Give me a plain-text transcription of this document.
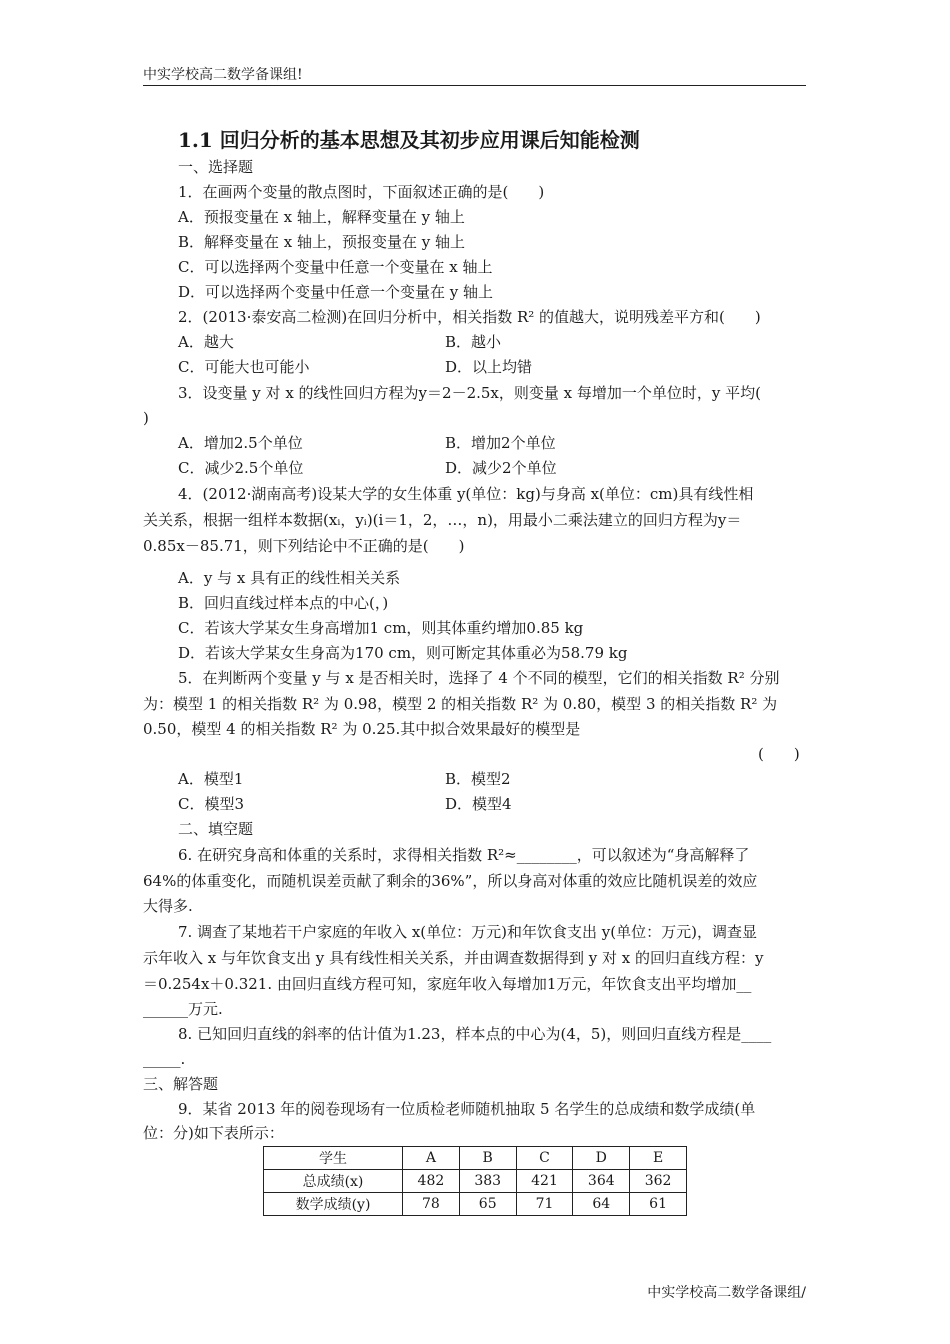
中实学校高二数学备课组!
1.1 回归分析的基本思想及其初步应用课后知能检测
一、选择题
1．在画两个变量的散点图时，下面叙述正确的是(　　)
A．预报变量在 x 轴上，解释变量在 y 轴上
B．解释变量在 x 轴上，预报变量在 y 轴上
C．可以选择两个变量中任意一个变量在 x 轴上
D．可以选择两个变量中任意一个变量在 y 轴上
2．(2013·泰安高二检测)在回归分析中，相关指数 R² 的值越大，说明残差平方和(　　)
A．越大	B．越小
C．可能大也可能小	D．以上均错
3．设变量 y 对 x 的线性回归方程为y＝2－2.5x，则变量 x 每增加一个单位时，y 平均(
)
A．增加2.5个单位	B．增加2个单位
C．减少2.5个单位	D．减少2个单位
4．(2012·湖南高考)设某大学的女生体重 y(单位：kg)与身高 x(单位：cm)具有线性相
关关系，根据一组样本数据(xᵢ，yᵢ)(i＝1，2，…，n)，用最小二乘法建立的回归方程为y＝
0.85x－85.71，则下列结论中不正确的是(　　)
A．y 与 x 具有正的线性相关关系
B．回归直线过样本点的中心(，)
C．若该大学某女生身高增加1 cm，则其体重约增加0.85 kg
D．若该大学某女生身高为170 cm，则可断定其体重必为58.79 kg
5．在判断两个变量 y 与 x 是否相关时，选择了 4 个不同的模型，它们的相关指数 R² 分别
为：模型 1 的相关指数 R² 为 0.98，模型 2 的相关指数 R² 为 0.80，模型 3 的相关指数 R² 为
0.50，模型 4 的相关指数 R² 为 0.25.其中拟合效果最好的模型是
(　　)
A．模型1	B．模型2
C．模型3	D．模型4
二、填空题
6. 在研究身高和体重的关系时，求得相关指数 R²≈________，可以叙述为“身高解释了
64%的体重变化，而随机误差贡献了剩余的36%”，所以身高对体重的效应比随机误差的效应
大得多.
7. 调查了某地若干户家庭的年收入 x(单位：万元)和年饮食支出 y(单位：万元)，调查显
示年收入 x 与年饮食支出 y 具有线性相关关系，并由调查数据得到 y 对 x 的回归直线方程：y
＝0.254x＋0.321. 由回归直线方程可知，家庭年收入每增加1万元，年饮食支出平均增加__
______万元.
8. 已知回归直线的斜率的估计值为1.23，样本点的中心为(4，5)，则回归直线方程是____
_____.
三、解答题
9．某省 2013 年的阅卷现场有一位质检老师随机抽取 5 名学生的总成绩和数学成绩(单
位：分)如下表所示：
学生	A	B	C	D	E
总成绩(x)	482	383	421	364	362
数学成绩(y)	78	65	71	64	61
中实学校高二数学备课组/
